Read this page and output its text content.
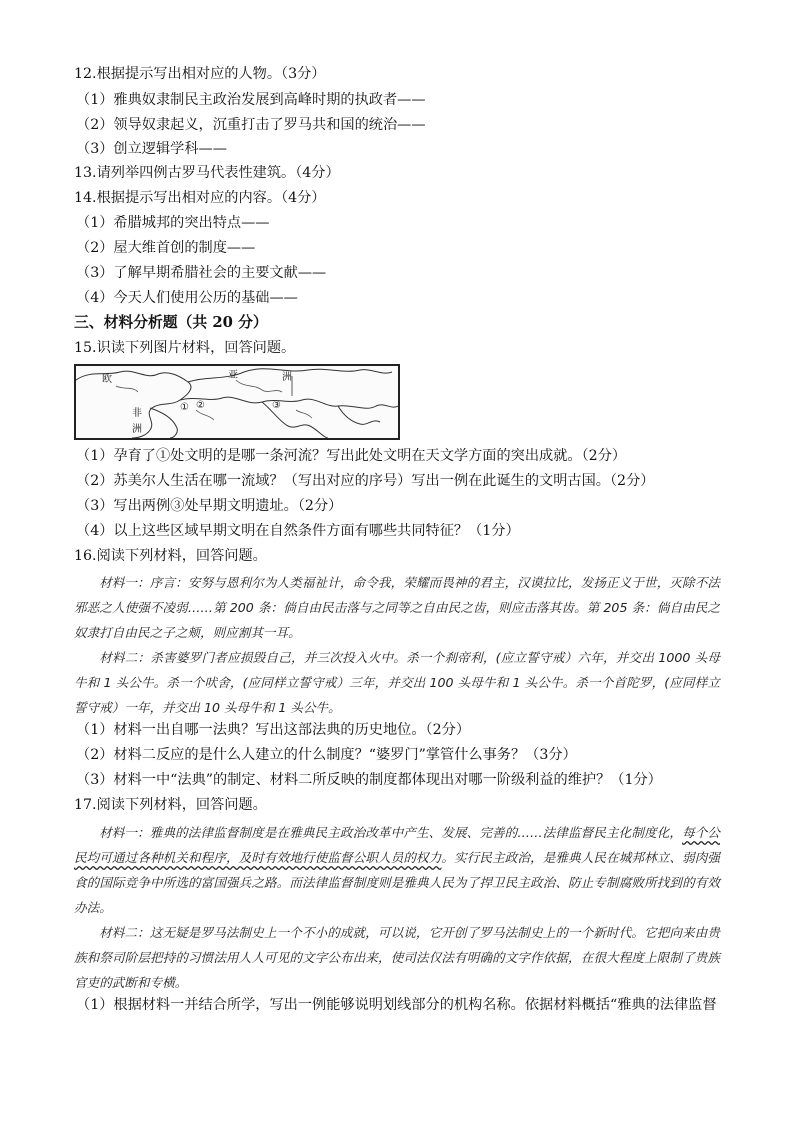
12.根据提示写出相对应的人物。（3分）
（1）雅典奴隶制民主政治发展到高峰时期的执政者——
（2）领导奴隶起义，沉重打击了罗马共和国的统治——
（3）创立逻辑学科——
13.请列举四例古罗马代表性建筑。（4分）
14.根据提示写出相对应的内容。（4分）
（1）希腊城邦的突出特点——
（2）屋大维首创的制度——
（3）了解早期希腊社会的主要文献——
（4）今天人们使用公历的基础——
三、材料分析题（共 20 分）
15.识读下列图片材料，回答问题。
亚	洲
欧
非
洲
① ②	③
（1）孕育了①处文明的是哪一条河流？写出此处文明在天文学方面的突出成就。（2分）
（2）苏美尔人生活在哪一流域？（写出对应的序号）写出一例在此诞生的文明古国。（2分）
（3）写出两例③处早期文明遗址。（2分）
（4）以上这些区域早期文明在自然条件方面有哪些共同特征？（1分）
16.阅读下列材料，回答问题。
材料一：序言：安努与恩利尔为人类福祉计，命令我，荣耀而畏神的君主，汉谟拉比，发扬正义于世，灭除不法邪恶之人使强不凌弱……第 200 条：倘自由民击落与之同等之自由民之齿，则应击落其齿。第 205 条：倘自由民之奴隶打自由民之子之颊，则应割其一耳。
材料二：杀害婆罗门者应损毁自己，并三次投入火中。杀一个刹帝利，(应立誓守戒）六年，并交出 1000 头母牛和 1 头公牛。杀一个吠舍，(应同样立誓守戒）三年，并交出 100 头母牛和 1 头公牛。杀一个首陀罗，(应同样立誓守戒）一年，并交出 10 头母牛和 1 头公牛。
（1）材料一出自哪一法典？写出这部法典的历史地位。（2分）
（2）材料二反应的是什么人建立的什么制度？“婆罗门”掌管什么事务？（3分）
（3）材料一中“法典”的制定、材料二所反映的制度都体现出对哪一阶级利益的维护？（1分）
17.阅读下列材料，回答问题。
材料一：雅典的法律监督制度是在雅典民主政治改革中产生、发展、完善的……法律监督民主化制度化，每个公民均可通过各种机关和程序，及时有效地行使监督公职人员的权力。实行民主政治，是雅典人民在城邦林立、弱肉强食的国际竞争中所选的富国强兵之路。而法律监督制度则是雅典人民为了捍卫民主政治、防止专制腐败所找到的有效办法。
材料二：这无疑是罗马法制史上一个不小的成就，可以说，它开创了罗马法制史上的一个新时代。它把向来由贵族和祭司阶层把持的习惯法用人人可见的文字公布出来，使司法仅法有明确的文字作依据，在很大程度上限制了贵族官吏的武断和专横。
（1）根据材料一并结合所学，写出一例能够说明划线部分的机构名称。依据材料概括“雅典的法律监督
